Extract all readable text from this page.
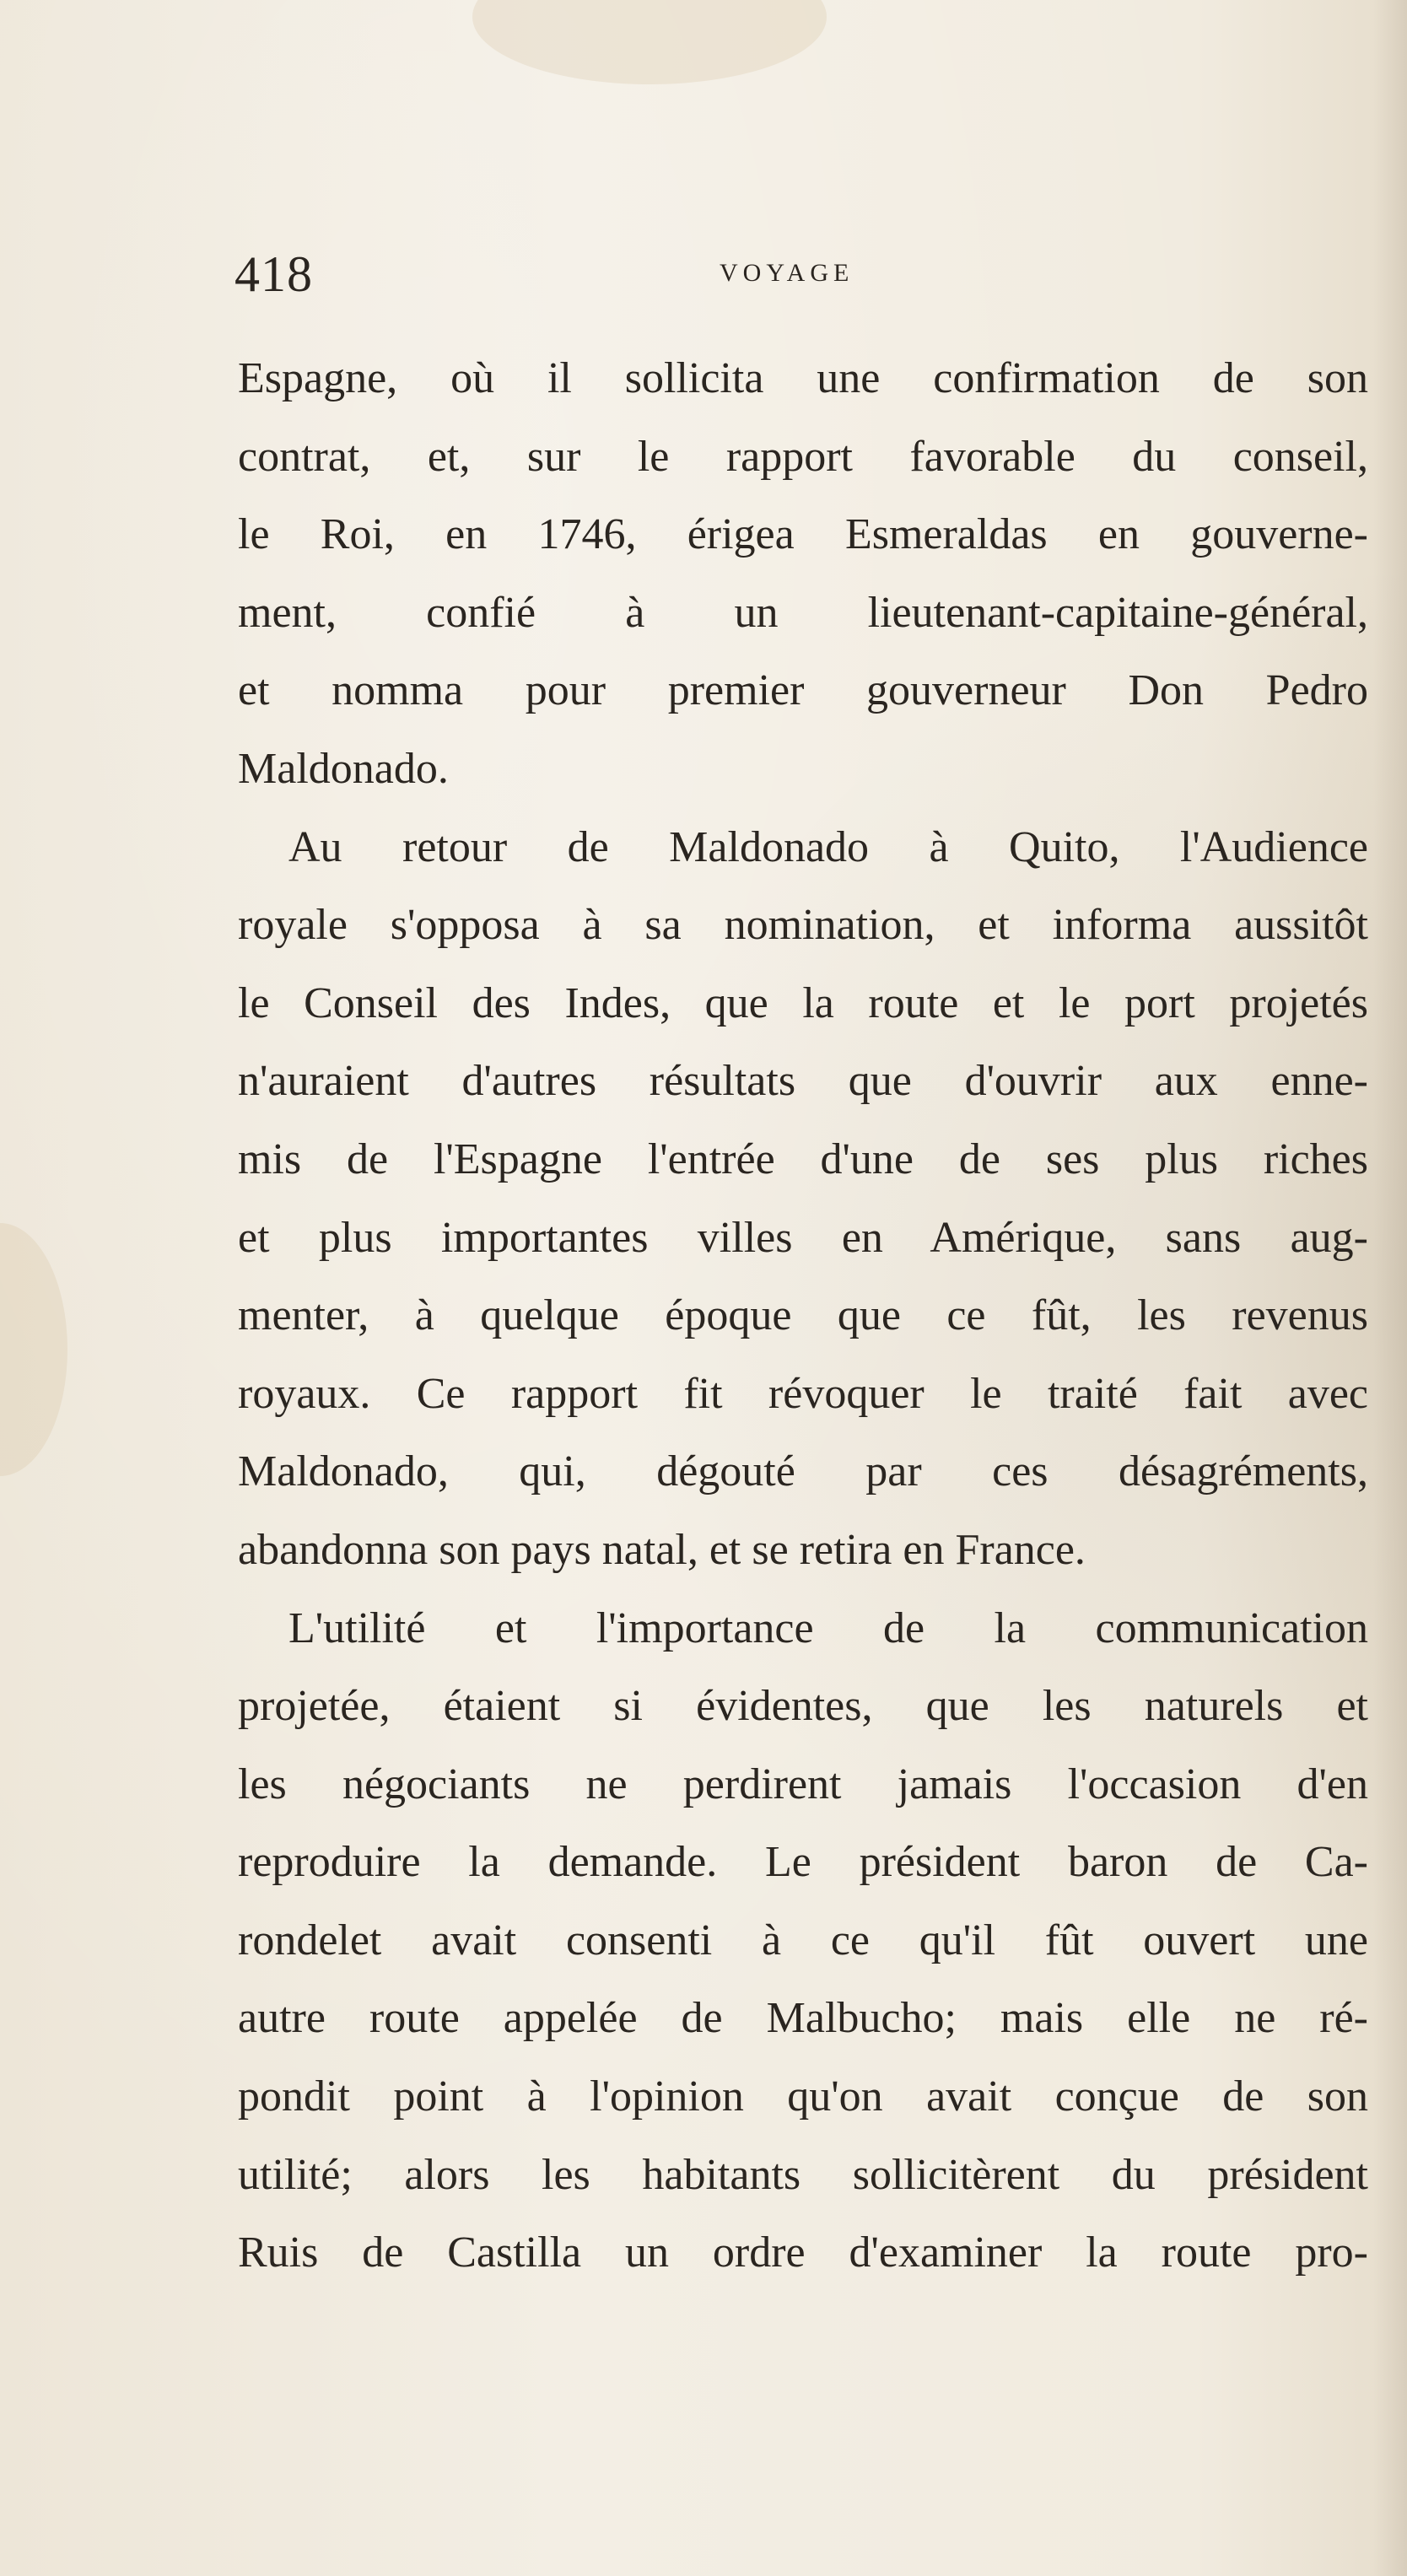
418	VOYAGE
Espagne, où il sollicita une confirmation de son
contrat, et, sur le rapport favorable du conseil,
le Roi, en 1746, érigea Esmeraldas en gouverne-
ment, confié à un lieutenant-capitaine-général,
et nomma pour premier gouverneur Don Pedro
Maldonado.
Au retour de Maldonado à Quito, l'Audience
royale s'opposa à sa nomination, et informa aussitôt
le Conseil des Indes, que la route et le port projetés
n'auraient d'autres résultats que d'ouvrir aux enne-
mis de l'Espagne l'entrée d'une de ses plus riches
et plus importantes villes en Amérique, sans aug-
menter, à quelque époque que ce fût, les revenus
royaux. Ce rapport fit révoquer le traité fait avec
Maldonado, qui, dégouté par ces désagréments,
abandonna son pays natal, et se retira en France.
L'utilité et l'importance de la communication
projetée, étaient si évidentes, que les naturels et
les négociants ne perdirent jamais l'occasion d'en
reproduire la demande. Le président baron de Ca-
rondelet avait consenti à ce qu'il fût ouvert une
autre route appelée de Malbucho; mais elle ne ré-
pondit point à l'opinion qu'on avait conçue de son
utilité; alors les habitants sollicitèrent du président
Ruis de Castilla un ordre d'examiner la route pro-
